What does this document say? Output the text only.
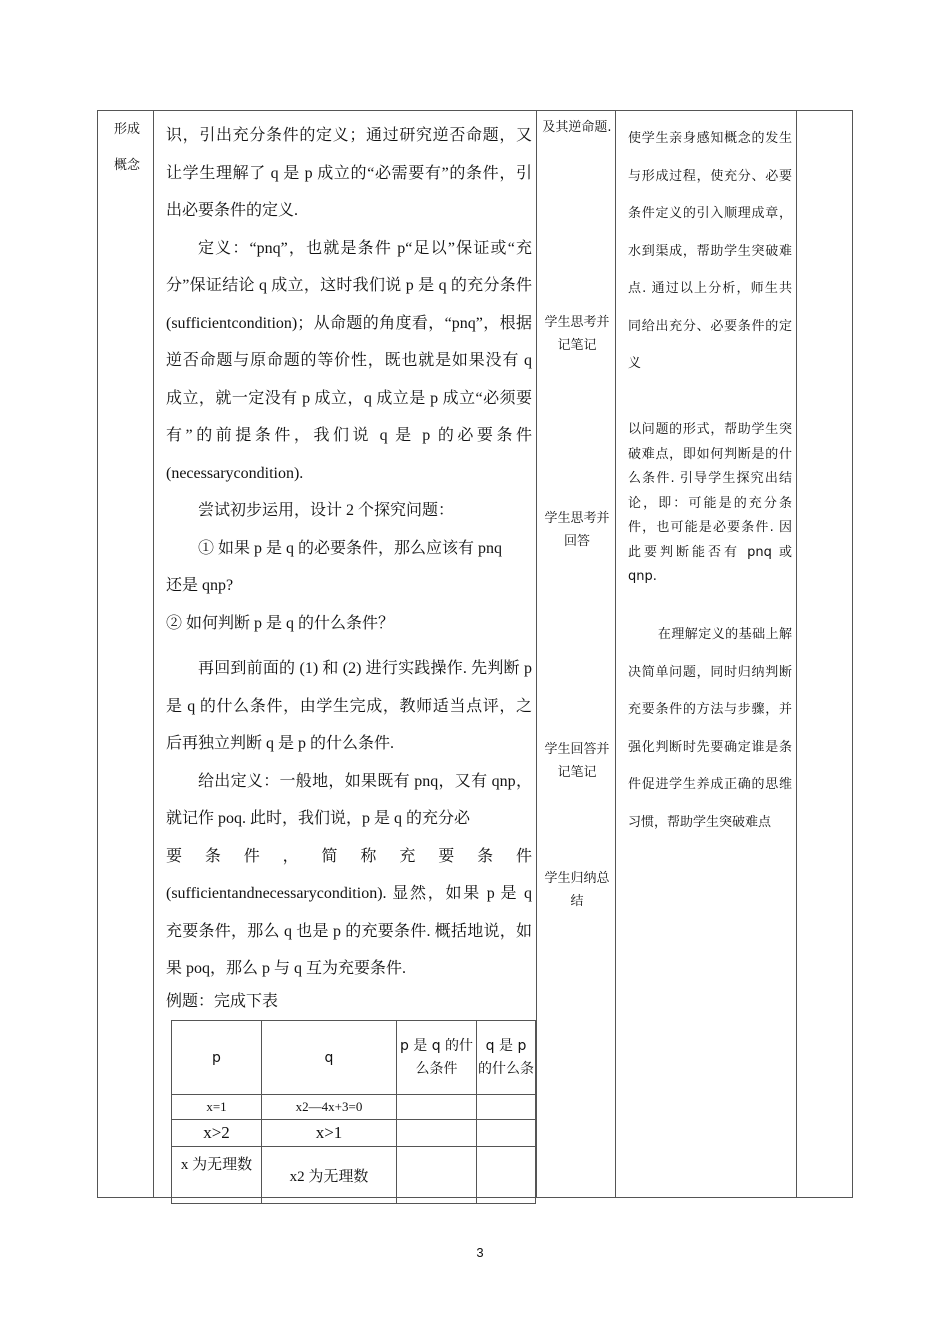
形成
概念

识，引出充分条件的定义；通过研究逆否命题，又让学生理解了 q 是 p 成立的“必需要有”的条件，引出必要条件的定义.

定义：“pnq”，也就是条件 p“足以”保证或“充分”保证结论 q 成立，这时我们说 p 是 q 的充分条件 (sufficientcondition)；从命题的角度看，“pnq”，根据逆否命题与原命题的等价性，既也就是如果没有 q 成立，就一定没有 p 成立，q 成立是 p 成立“必须要有”的前提条件，我们说 q 是 p 的必要条件 (necessarycondition).

尝试初步运用，设计 2 个探究问题：

① 如果 p 是 q 的必要条件，那么应该有 pnq

还是 qnp?

② 如何判断 p 是 q 的什么条件？

再回到前面的 (1) 和 (2) 进行实践操作. 先判断 p 是 q 的什么条件，由学生完成，教师适当点评，之后再独立判断 q 是 p 的什么条件.

给出定义：一般地，如果既有 pnq，又有 qnp，就记作 poq. 此时，我们说，p 是 q 的充分必

要 条 件 ， 简 称 充 要 条 件

(sufficientandnecessarycondition). 显然，如果 p 是 q 充要条件，那么 q 也是 p 的充要条件. 概括地说，如果 poq，那么 p 与 q 互为充要条件.

例题：完成下表

及其逆命题.
学生思考并记笔记
学生思考并回答
学生回答并记笔记
学生归纳总结
使学生亲身感知概念的发生与形成过程，使充分、必要条件定义的引入顺理成章，水到渠成，帮助学生突破难点. 通过以上分析，师生共同给出充分、必要条件的定义
以问题的形式，帮助学生突破难点，即如何判断是的什么条件. 引导学生探究出结论，即：可能是的充分条件，也可能是必要条件. 因此要判断能否有 pnq 或 qnp.
在理解定义的基础上解决简单问题，同时归纳判断充要条件的方法与步骤，并强化判断时先要确定谁是条件促进学生养成正确的思维习惯，帮助学生突破难点
p	q	p 是 q 的什么条件	q 是 p 的什么条
x=1	x2—4x+3=0		
x>2	x>1		
x 为无理数	x2 为无理数		
3
